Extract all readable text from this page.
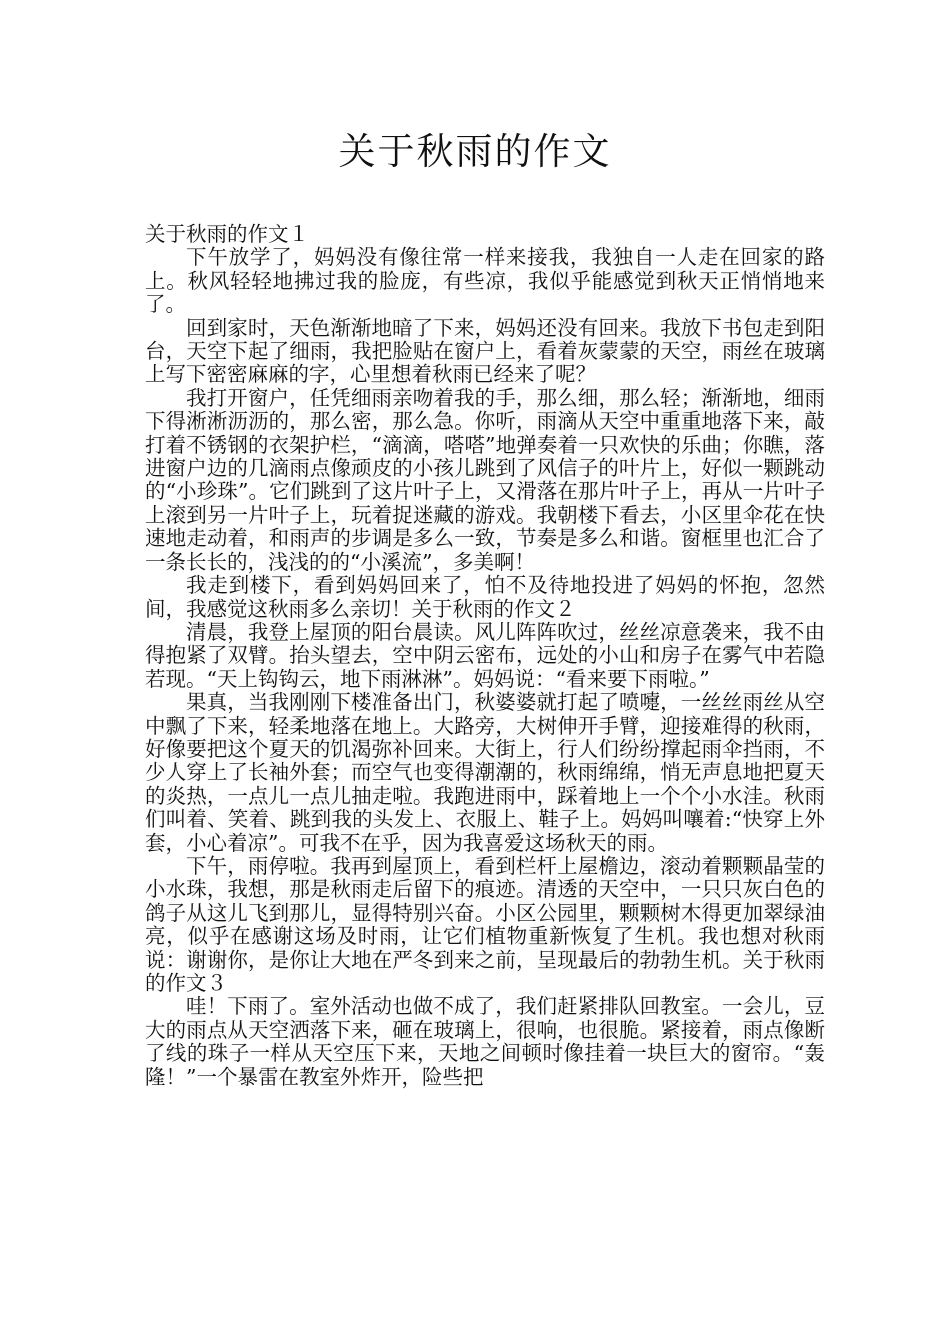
关于秋雨的作文

关于秋雨的作文１

下午放学了，妈妈没有像往常一样来接我，我独自一人走在回家的路上。秋风轻轻地拂过我的脸庞，有些凉，我似乎能感觉到秋天正悄悄地来了。

回到家时，天色渐渐地暗了下来，妈妈还没有回来。我放下书包走到阳台，天空下起了细雨，我把脸贴在窗户上，看着灰蒙蒙的天空，雨丝在玻璃上写下密密麻麻的字，心里想着秋雨已经来了呢？

我打开窗户，任凭细雨亲吻着我的手，那么细，那么轻；渐渐地，细雨下得淅淅沥沥的，那么密，那么急。你听，雨滴从天空中重重地落下来，敲打着不锈钢的衣架护栏，“滴滴，嗒嗒”地弹奏着一只欢快的乐曲；你瞧，落进窗户边的几滴雨点像顽皮的小孩儿跳到了风信子的叶片上，好似一颗跳动的“小珍珠”。它们跳到了这片叶子上，又滑落在那片叶子上，再从一片叶子上滚到另一片叶子上，玩着捉迷藏的游戏。我朝楼下看去，小区里伞花在快速地走动着，和雨声的步调是多么一致，节奏是多么和谐。窗框里也汇合了一条长长的，浅浅的的“小溪流”，多美啊！

我走到楼下，看到妈妈回来了，怕不及待地投进了妈妈的怀抱，忽然间，我感觉这秋雨多么亲切！关于秋雨的作文２

清晨，我登上屋顶的阳台晨读。风儿阵阵吹过，丝丝凉意袭来，我不由得抱紧了双臂。抬头望去，空中阴云密布，远处的小山和房子在雾气中若隐若现。“天上钩钩云，地下雨淋淋”。妈妈说：“看来要下雨啦。”

果真，当我刚刚下楼准备出门，秋婆婆就打起了喷嚏，一丝丝雨丝从空中飘了下来，轻柔地落在地上。大路旁，大树伸开手臂，迎接难得的秋雨，好像要把这个夏天的饥渴弥补回来。大街上，行人们纷纷撑起雨伞挡雨，不少人穿上了长袖外套；而空气也变得潮潮的，秋雨绵绵，悄无声息地把夏天的炎热，一点儿一点儿抽走啦。我跑进雨中，踩着地上一个个小水洼。秋雨们叫着、笑着、跳到我的头发上、衣服上、鞋子上。妈妈叫嚷着:“快穿上外套，小心着凉”。可我不在乎，因为我喜爱这场秋天的雨。

下午，雨停啦。我再到屋顶上，看到栏杆上屋檐边，滚动着颗颗晶莹的小水珠，我想，那是秋雨走后留下的痕迹。清透的天空中，一只只灰白色的鸽子从这儿飞到那儿，显得特别兴奋。小区公园里，颗颗树木得更加翠绿油亮，似乎在感谢这场及时雨，让它们植物重新恢复了生机。我也想对秋雨说：谢谢你，是你让大地在严冬到来之前，呈现最后的勃勃生机。关于秋雨的作文３

哇！下雨了。室外活动也做不成了，我们赶紧排队回教室。一会儿，豆大的雨点从天空洒落下来，砸在玻璃上，很响，也很脆。紧接着，雨点像断了线的珠子一样从天空压下来，天地之间顿时像挂着一块巨大的窗帘。“轰隆！”一个暴雷在教室外炸开，险些把
